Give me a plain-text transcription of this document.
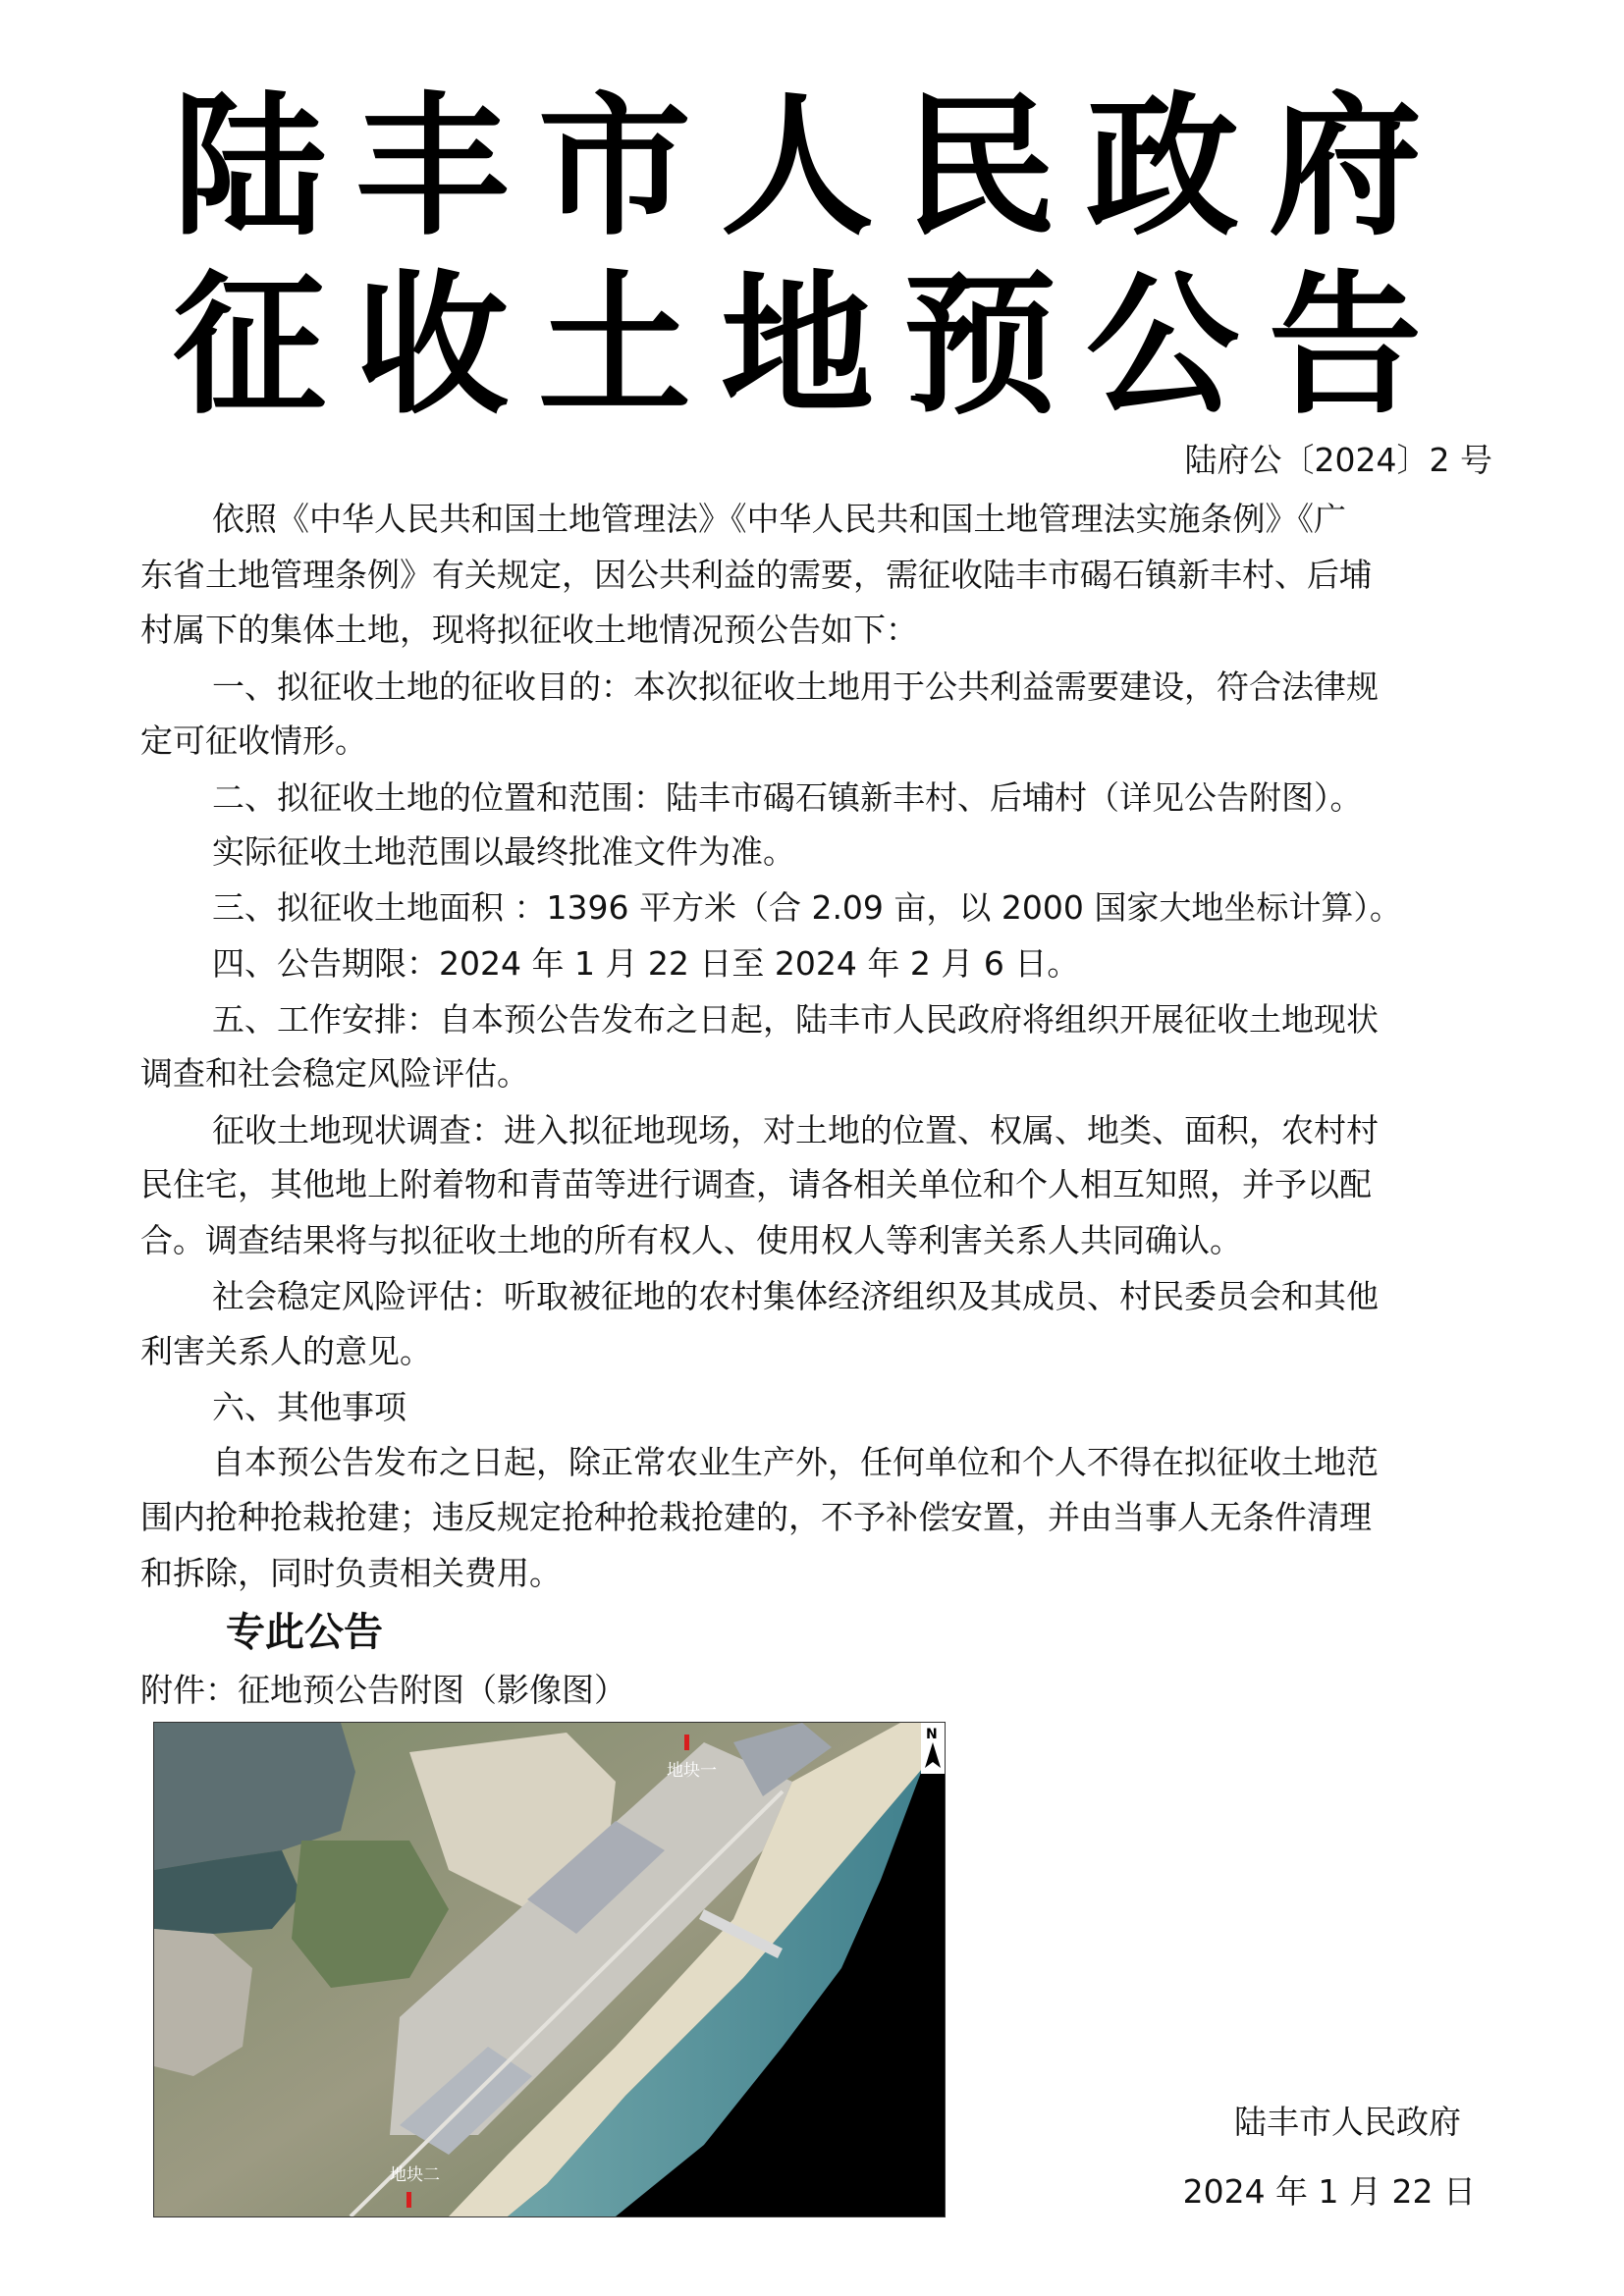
陆丰市人民政府
征收土地预公告
陆府公〔2024〕2 号
依照《中华人民共和国土地管理法》《中华人民共和国土地管理法实施条例》《广
东省土地管理条例》有关规定，因公共利益的需要，需征收陆丰市碣石镇新丰村、后埔
村属下的集体土地，现将拟征收土地情况预公告如下：
一、拟征收土地的征收目的：本次拟征收土地用于公共利益需要建设，符合法律规
定可征收情形。
二、拟征收土地的位置和范围：陆丰市碣石镇新丰村、后埔村（详见公告附图）。
实际征收土地范围以最终批准文件为准。
三、拟征收土地面积 ：1396 平方米（合 2.09 亩，以 2000 国家大地坐标计算）。
四、公告期限：2024 年 1 月 22 日至 2024 年 2 月 6 日。
五、工作安排：自本预公告发布之日起，陆丰市人民政府将组织开展征收土地现状
调查和社会稳定风险评估。
征收土地现状调查：进入拟征地现场，对土地的位置、权属、地类、面积，农村村
民住宅，其他地上附着物和青苗等进行调查，请各相关单位和个人相互知照，并予以配
合。调查结果将与拟征收土地的所有权人、使用权人等利害关系人共同确认。
社会稳定风险评估：听取被征地的农村集体经济组织及其成员、村民委员会和其他
利害关系人的意见。
六、其他事项
自本预公告发布之日起，除正常农业生产外，任何单位和个人不得在拟征收土地范
围内抢种抢栽抢建；违反规定抢种抢栽抢建的，不予补偿安置，并由当事人无条件清理
和拆除，同时负责相关费用。
专此公告
附件：征地预公告附图（影像图）
地块一
地块二
N
陆丰市人民政府
2024 年 1 月 22 日
